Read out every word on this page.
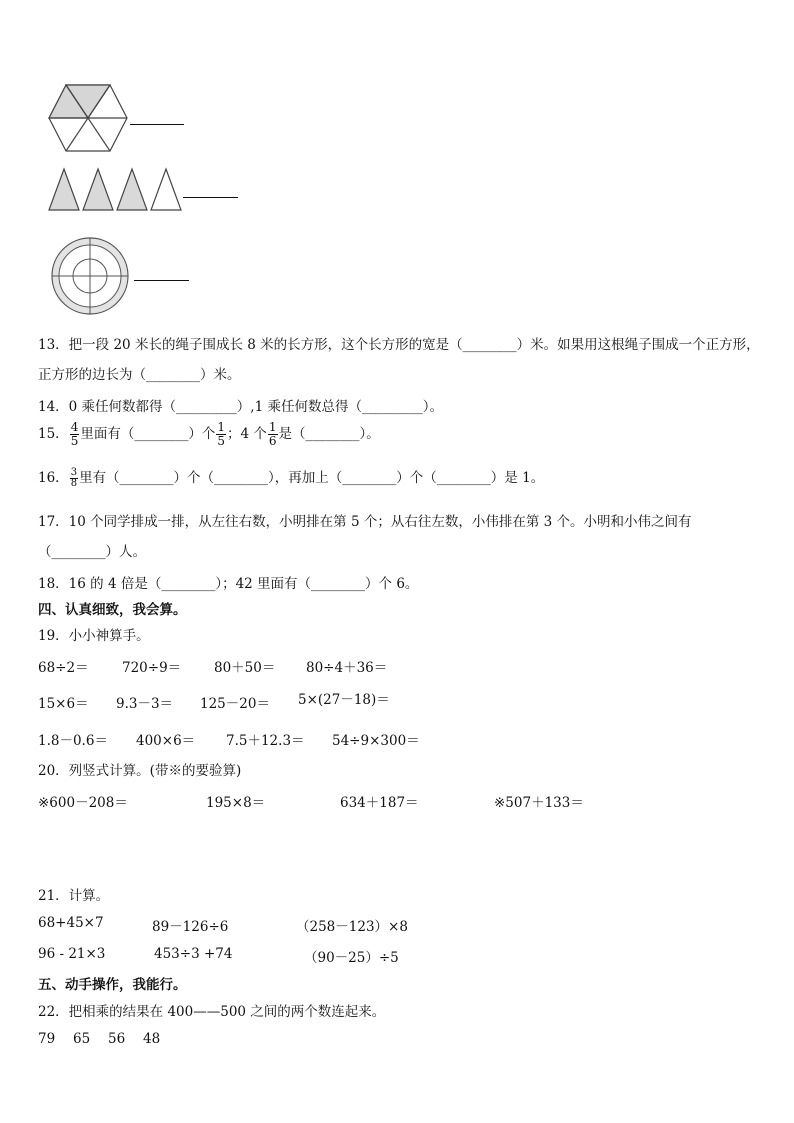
13．把一段 20 米长的绳子围成长 8 米的长方形，这个长方形的宽是（________）米。如果用这根绳子围成一个正方形，
正方形的边长为（________）米。
14．0 乘任何数都得（_________）,1 乘任何数总得（_________）。
15． $\frac{4}{5}$ 里面有（________）个 $\frac{1}{5}$ ；4 个 $\frac{1}{6}$ 是（________）。
16． $\frac{3}{8}$ 里有（________）个（________），再加上（________）个（________）是 1。
17．10 个同学排成一排，从左往右数，小明排在第 5 个；从右往左数，小伟排在第 3 个。小明和小伟之间有
（________）人。
18．16 的 4 倍是（________）；42 里面有（________）个 6。
四、认真细致，我会算。
19．小小神算手。
68÷2＝ 720÷9＝ 80＋50＝ 80÷4＋36＝
15×6＝ 9.3－3＝ 125－20＝ 5×(27－18)＝
1.8－0.6＝ 400×6＝ 7.5＋12.3＝ 54÷9×300＝
20．列竖式计算。(带※的要验算)
※600－208＝	195×8＝	634＋187＝	※507＋133＝
21．计算。
68+45×7	89－126÷6	（258－123）×8
96 - 21×3	453÷3 +74	（90－25）÷5
五、动手操作，我能行。
22．把相乘的结果在 400——500 之间的两个数连起来。
79 65 56 48
